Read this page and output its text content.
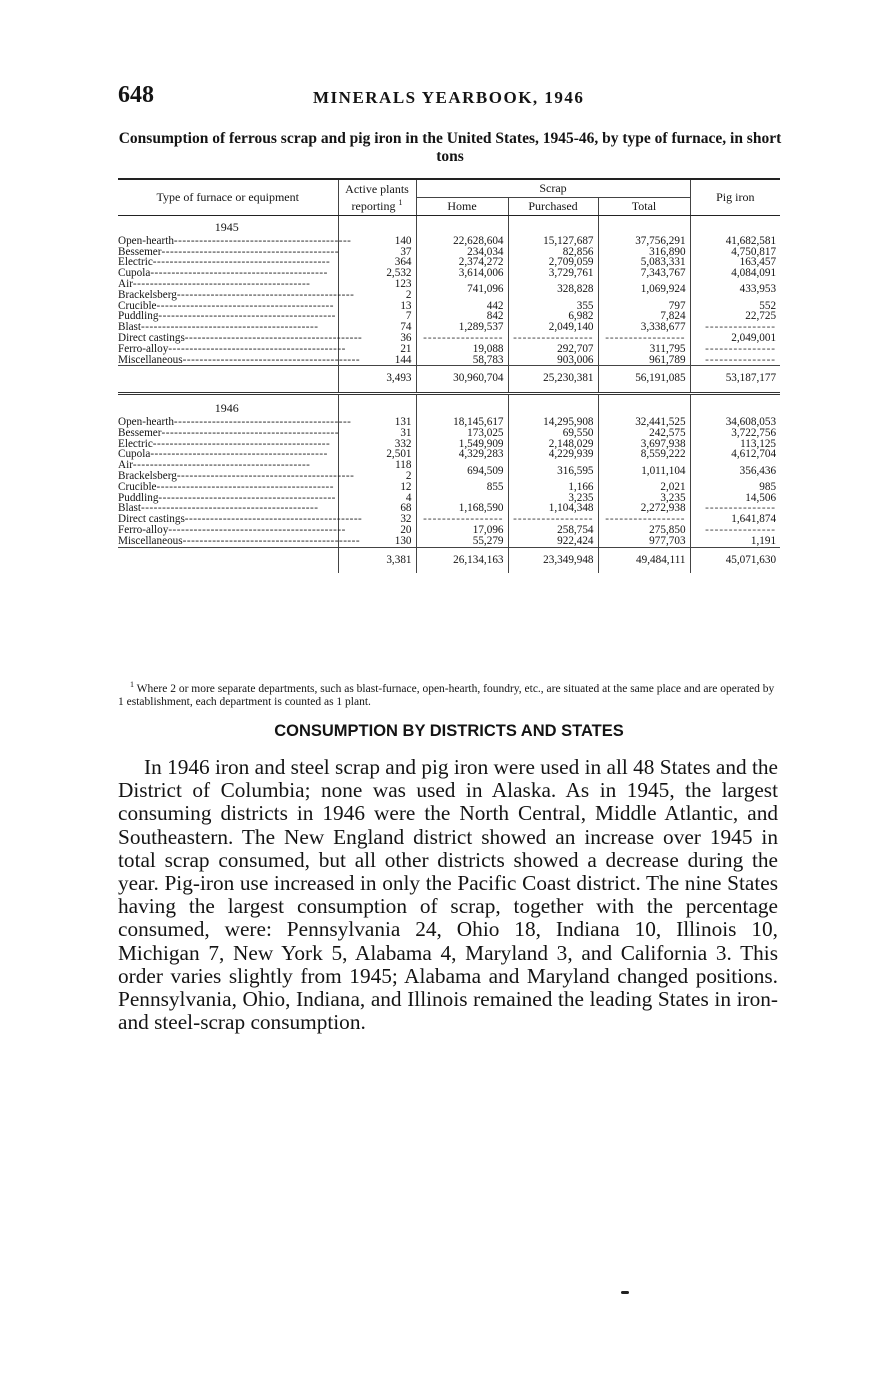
648	MINERALS YEARBOOK, 1946
Consumption of ferrous scrap and pig iron in the United States, 1945-46, by type of furnace, in short tons
Type of furnace or equipment	Active plants reporting $^1$	Scrap			Pig iron
		Home	Purchased	Total	
1945					
Open-hearth------------------------------------------	140	22,628,604	15,127,687	37,756,291	41,682,581
Bessemer------------------------------------------	37	234,034	82,856	316,890	4,750,817
Electric------------------------------------------	364	2,374,272	2,709,059	5,083,331	163,457
Cupola------------------------------------------	2,532	3,614,006	3,729,761	7,343,767	4,084,091
Air------------------------------------------	123	741,096	328,828	1,069,924	433,953
Brackelsberg------------------------------------------	2				
Crucible------------------------------------------	13	442	355	797	552
Puddling------------------------------------------	7	842	6,982	7,824	22,725
Blast------------------------------------------	74	1,289,537	2,049,140	3,338,677	---------------
Direct castings------------------------------------------	36	-----------------	-----------------	-----------------	2,049,001
Ferro-alloy------------------------------------------	21	19,088	292,707	311,795	---------------
Miscellaneous------------------------------------------	144	58,783	903,006	961,789	---------------
	3,493	30,960,704	25,230,381	56,191,085	53,187,177

1946					
Open-hearth------------------------------------------	131	18,145,617	14,295,908	32,441,525	34,608,053
Bessemer------------------------------------------	31	173,025	69,550	242,575	3,722,756
Electric------------------------------------------	332	1,549,909	2,148,029	3,697,938	113,125
Cupola------------------------------------------	2,501	4,329,283	4,229,939	8,559,222	4,612,704
Air------------------------------------------	118	694,509	316,595	1,011,104	356,436
Brackelsberg------------------------------------------	2				
Crucible------------------------------------------	12	855	1,166	2,021	985
Puddling------------------------------------------	4		3,235	3,235	14,506
Blast------------------------------------------	68	1,168,590	1,104,348	2,272,938	---------------
Direct castings------------------------------------------	32	-----------------	-----------------	-----------------	1,641,874
Ferro-alloy------------------------------------------	20	17,096	258,754	275,850	---------------
Miscellaneous------------------------------------------	130	55,279	922,424	977,703	1,191
	3,381	26,134,163	23,349,948	49,484,111	45,071,630
$^1$ Where 2 or more separate departments, such as blast-furnace, open-hearth, foundry, etc., are situated at the same place and are operated by 1 establishment, each department is counted as 1 plant.
CONSUMPTION BY DISTRICTS AND STATES

In 1946 iron and steel scrap and pig iron were used in all 48 States and the District of Columbia; none was used in Alaska. As in 1945, the largest consuming districts in 1946 were the North Central, Middle Atlantic, and Southeastern. The New England district showed an increase over 1945 in total scrap consumed, but all other districts showed a decrease during the year. Pig-iron use increased in only the Pacific Coast district. The nine States having the largest consumption of scrap, together with the percentage consumed, were: Pennsylvania 24, Ohio 18, Indiana 10, Illinois 10, Michigan 7, New York 5, Alabama 4, Maryland 3, and California 3. This order varies slightly from 1945; Alabama and Maryland changed positions. Pennsylvania, Ohio, Indiana, and Illinois remained the leading States in iron- and steel-scrap consumption.
